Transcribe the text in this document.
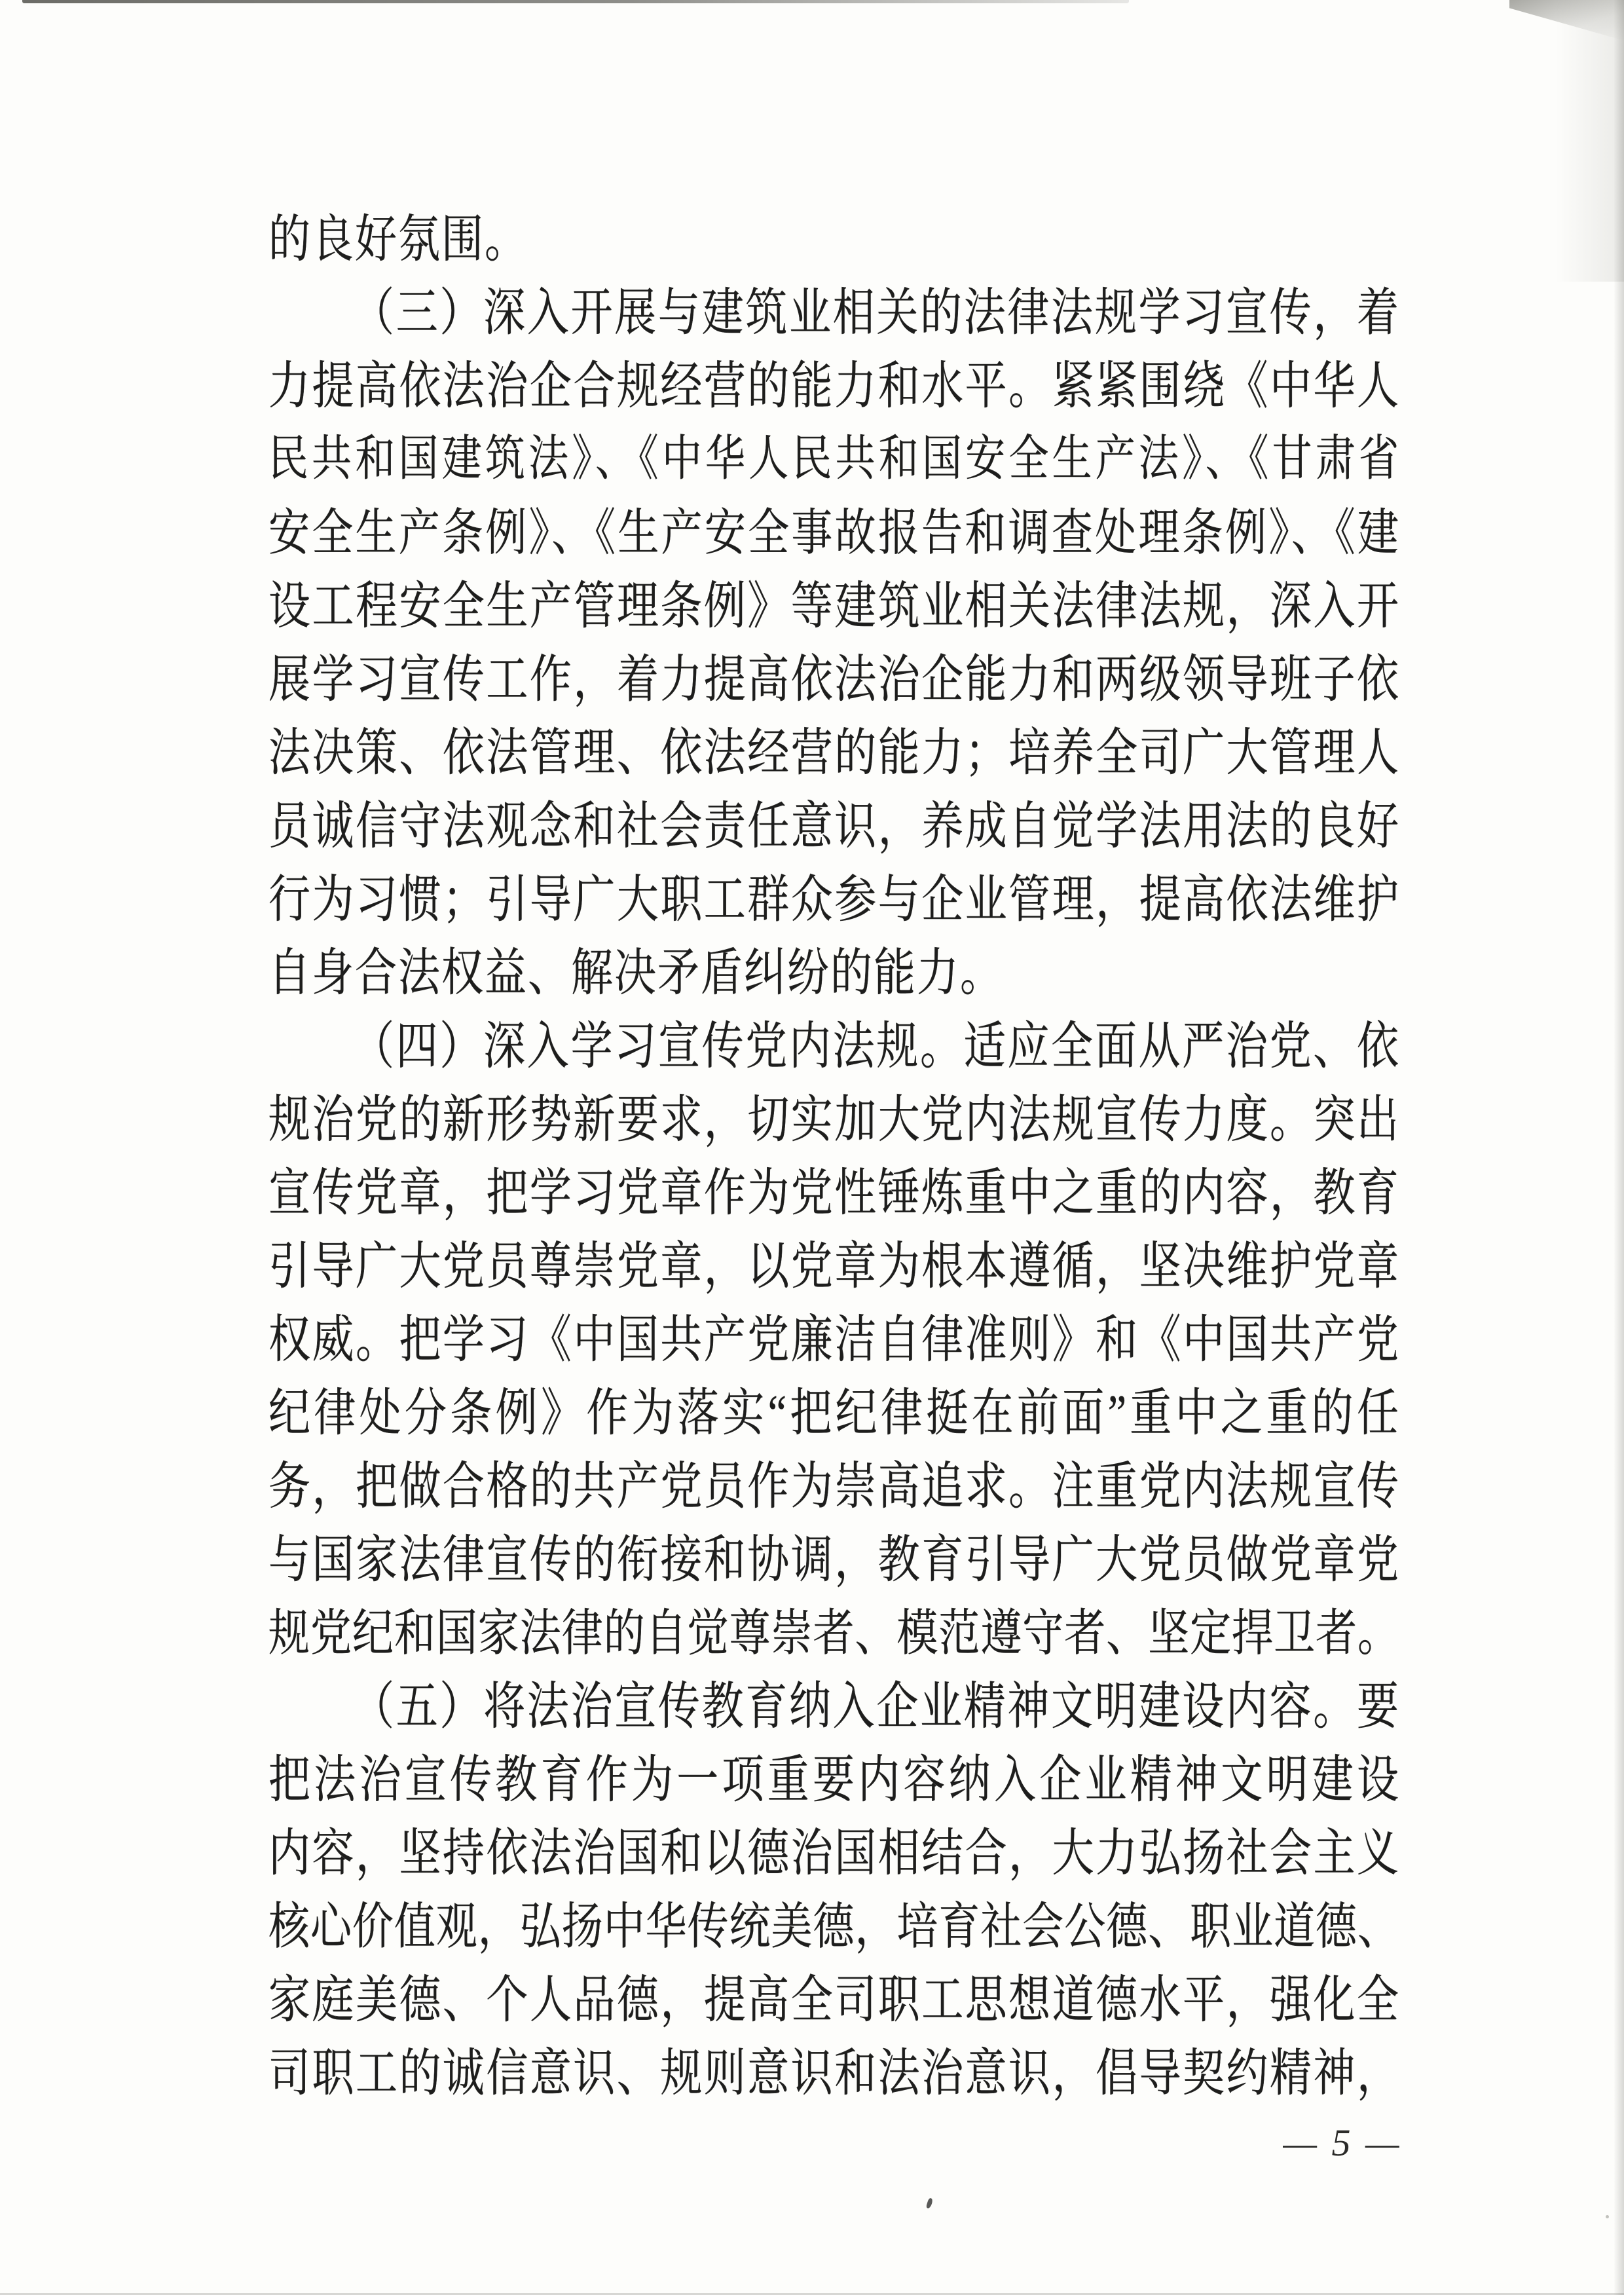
的良好氛围。
（三）深入开展与建筑业相关的法律法规学习宣传，着
力提高依法治企合规经营的能力和水平。紧紧围绕《中华人
民共和国建筑法》、《中华人民共和国安全生产法》、《甘肃省
安全生产条例》、《生产安全事故报告和调查处理条例》、《建
设工程安全生产管理条例》等建筑业相关法律法规，深入开
展学习宣传工作，着力提高依法治企能力和两级领导班子依
法决策、依法管理、依法经营的能力；培养全司广大管理人
员诚信守法观念和社会责任意识，养成自觉学法用法的良好
行为习惯；引导广大职工群众参与企业管理，提高依法维护
自身合法权益、解决矛盾纠纷的能力。
（四）深入学习宣传党内法规。适应全面从严治党、依
规治党的新形势新要求，切实加大党内法规宣传力度。突出
宣传党章，把学习党章作为党性锤炼重中之重的内容，教育
引导广大党员尊崇党章，以党章为根本遵循，坚决维护党章
权威。把学习《中国共产党廉洁自律准则》和《中国共产党
纪律处分条例》作为落实“把纪律挺在前面”重中之重的任
务，把做合格的共产党员作为崇高追求。注重党内法规宣传
与国家法律宣传的衔接和协调，教育引导广大党员做党章党
规党纪和国家法律的自觉尊崇者、模范遵守者、坚定捍卫者。
（五）将法治宣传教育纳入企业精神文明建设内容。要
把法治宣传教育作为一项重要内容纳入企业精神文明建设
内容，坚持依法治国和以德治国相结合，大力弘扬社会主义
核心价值观，弘扬中华传统美德，培育社会公德、职业道德、
家庭美德、个人品德，提高全司职工思想道德水平，强化全
司职工的诚信意识、规则意识和法治意识，倡导契约精神，
— 5 —
